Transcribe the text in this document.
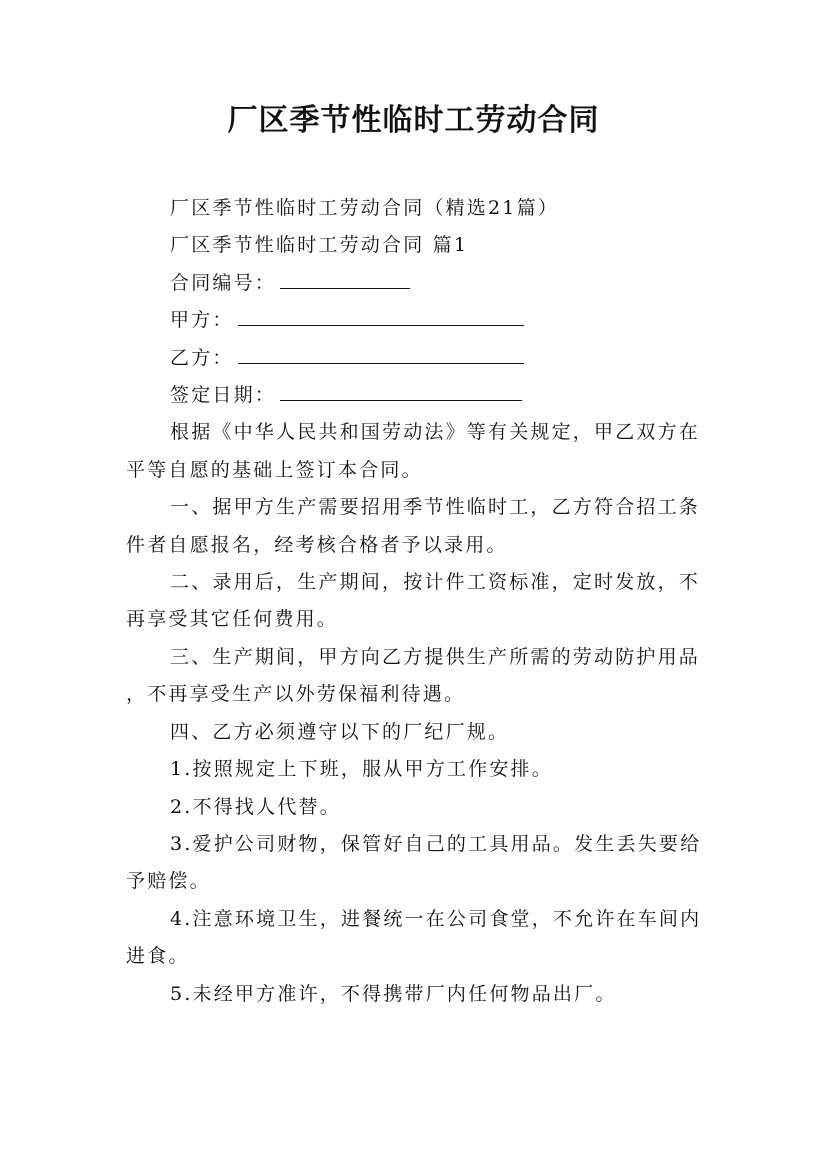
厂区季节性临时工劳动合同

厂区季节性临时工劳动合同（精选21篇）

厂区季节性临时工劳动合同 篇1

合同编号：

甲方：

乙方：

签定日期：

根据《中华人民共和国劳动法》等有关规定，甲乙双方在平等自愿的基础上签订本合同。

一、据甲方生产需要招用季节性临时工，乙方符合招工条件者自愿报名，经考核合格者予以录用。

二、录用后，生产期间，按计件工资标准，定时发放，不再享受其它任何费用。

三、生产期间，甲方向乙方提供生产所需的劳动防护用品，不再享受生产以外劳保福利待遇。

四、乙方必须遵守以下的厂纪厂规。

1.按照规定上下班，服从甲方工作安排。

2.不得找人代替。

3.爱护公司财物，保管好自己的工具用品。发生丢失要给予赔偿。

4.注意环境卫生，进餐统一在公司食堂，不允许在车间内进食。

5.未经甲方准许，不得携带厂内任何物品出厂。
